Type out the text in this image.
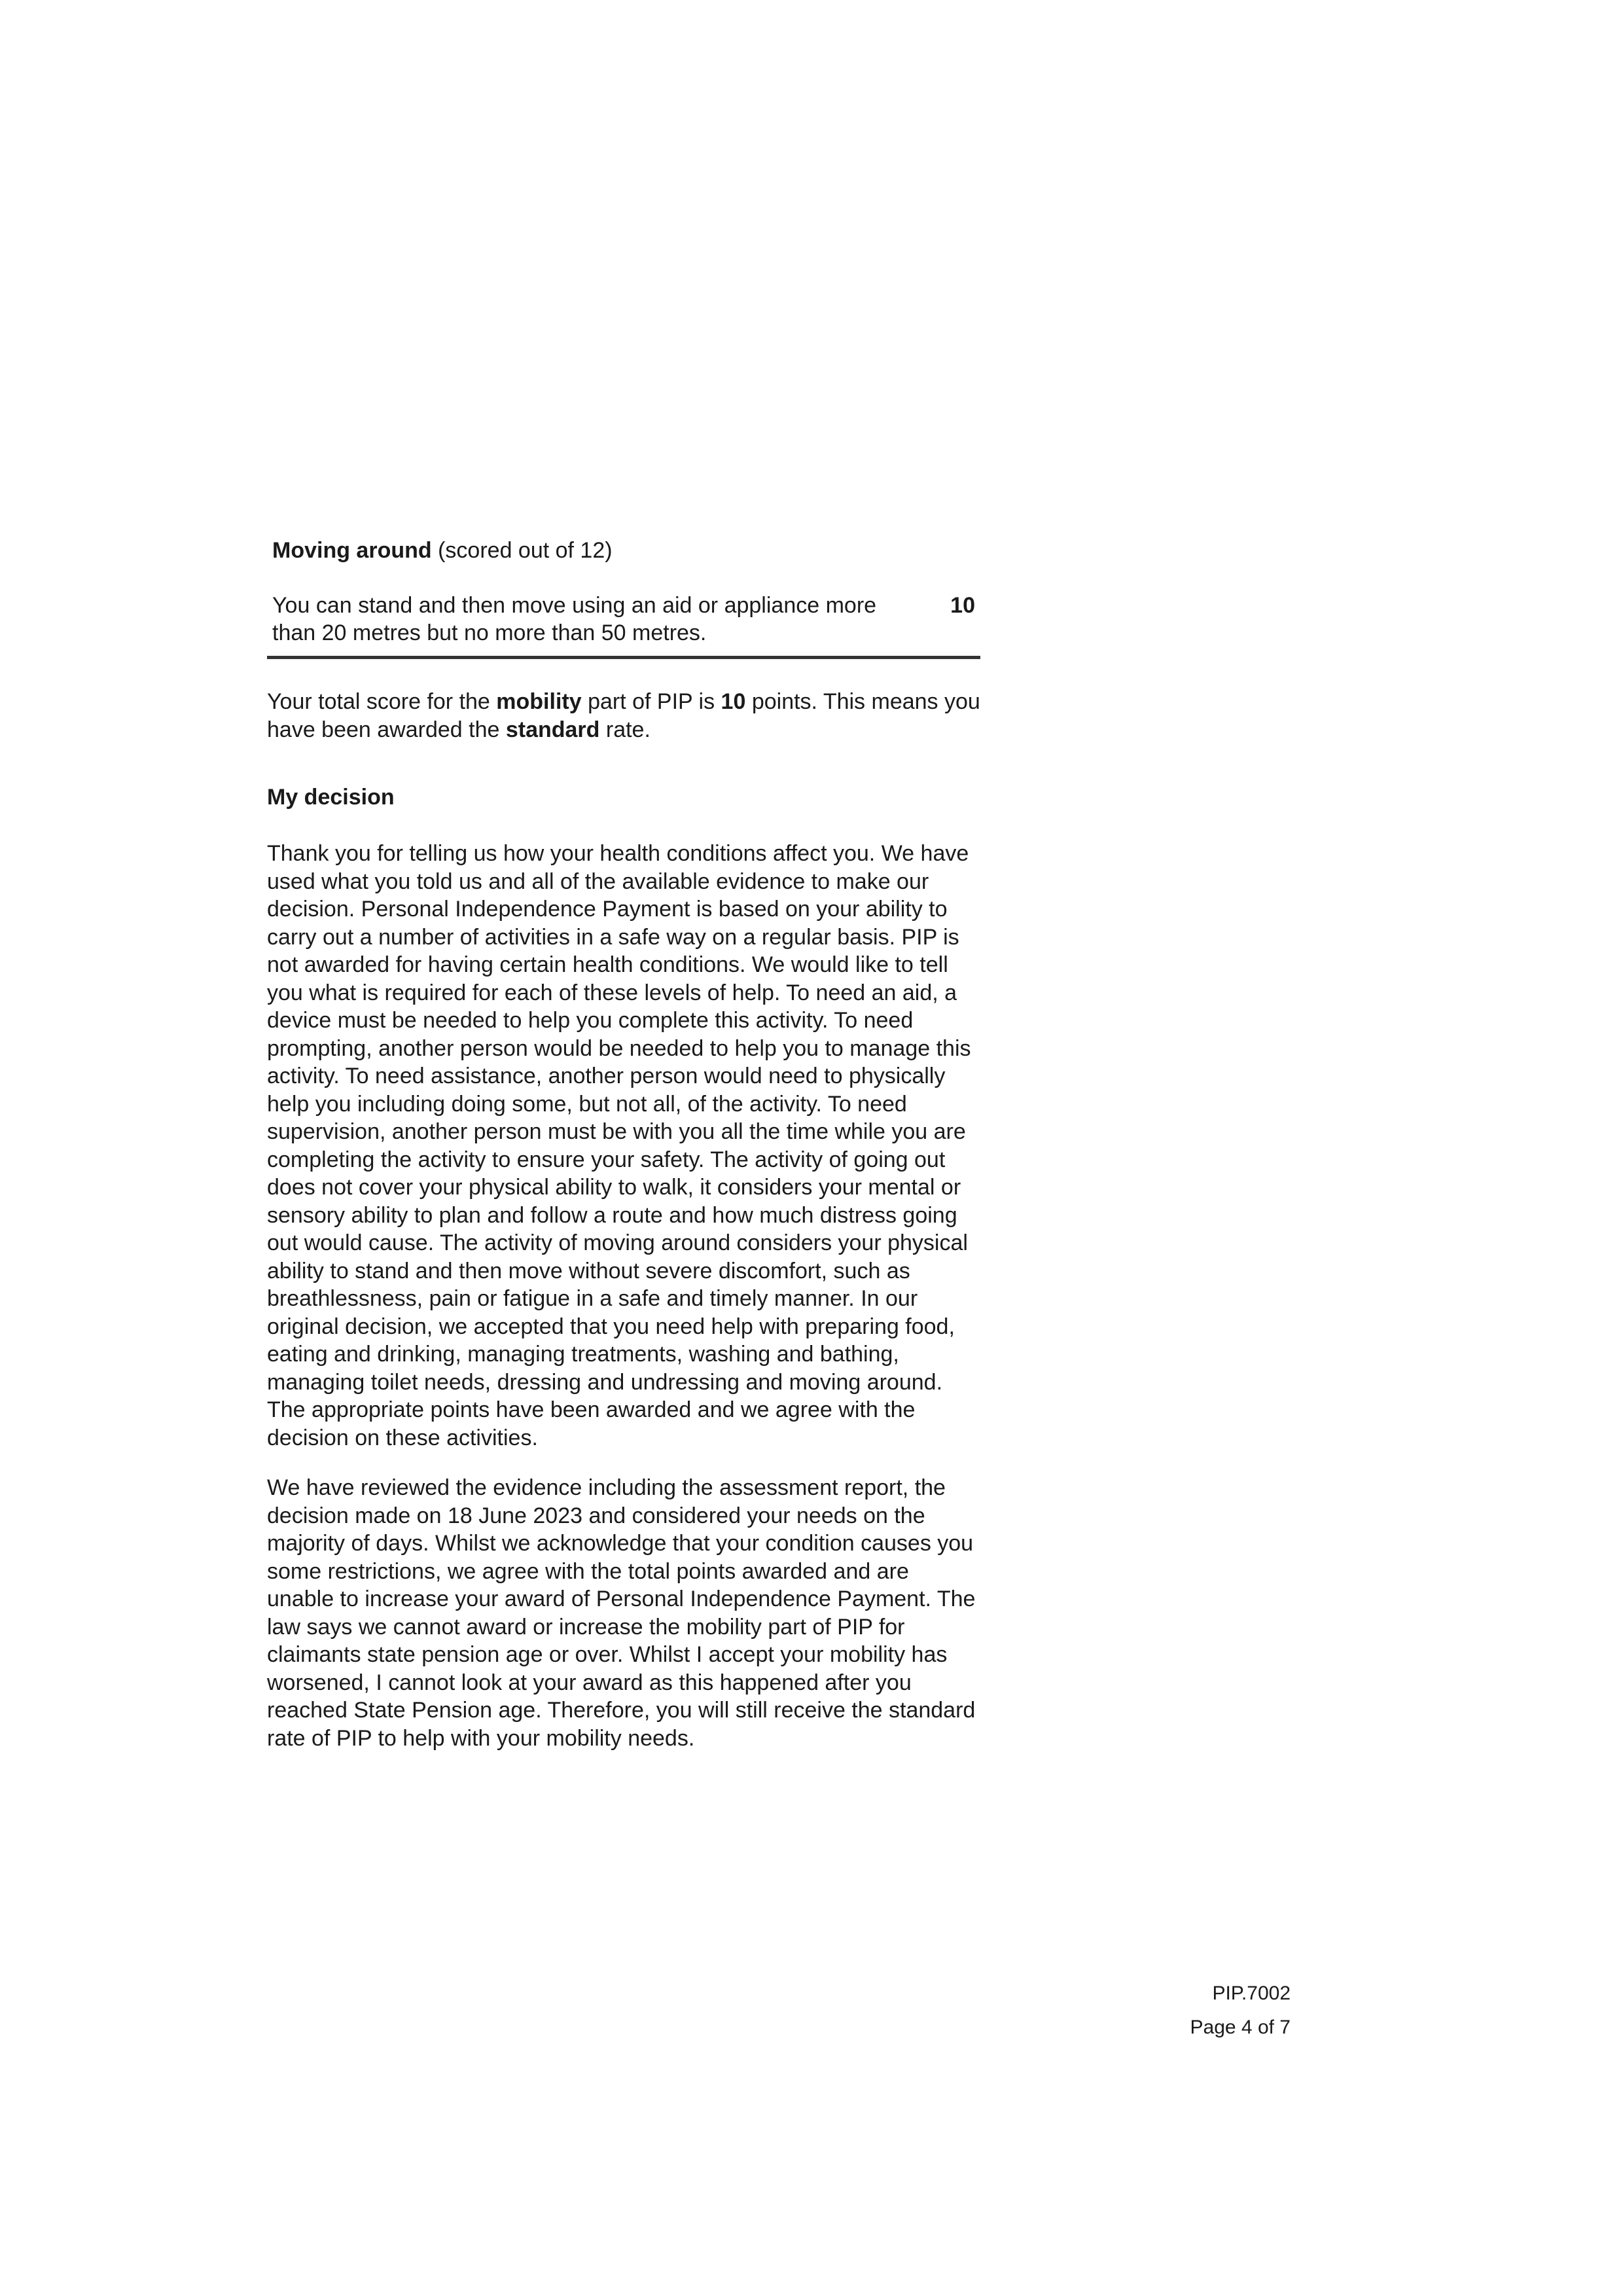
Moving around (scored out of 12)
You can stand and then move using an aid or appliance more than 20 metres but no more than 50 metres.
10
Your total score for the mobility part of PIP is 10 points. This means you have been awarded the standard rate.
My decision

Thank you for telling us how your health conditions affect you. We have used what you told us and all of the available evidence to make our decision. Personal Independence Payment is based on your ability to carry out a number of activities in a safe way on a regular basis. PIP is not awarded for having certain health conditions. We would like to tell you what is required for each of these levels of help. To need an aid, a device must be needed to help you complete this activity. To need prompting, another person would be needed to help you to manage this activity. To need assistance, another person would need to physically help you including doing some, but not all, of the activity. To need supervision, another person must be with you all the time while you are completing the activity to ensure your safety. The activity of going out does not cover your physical ability to walk, it considers your mental or sensory ability to plan and follow a route and how much distress going out would cause. The activity of moving around considers your physical ability to stand and then move without severe discomfort, such as breathlessness, pain or fatigue in a safe and timely manner. In our original decision, we accepted that you need help with preparing food, eating and drinking, managing treatments, washing and bathing, managing toilet needs, dressing and undressing and moving around. The appropriate points have been awarded and we agree with the decision on these activities.

We have reviewed the evidence including the assessment report, the decision made on 18 June 2023 and considered your needs on the majority of days. Whilst we acknowledge that your condition causes you some restrictions, we agree with the total points awarded and are unable to increase your award of Personal Independence Payment. The law says we cannot award or increase the mobility part of PIP for claimants state pension age or over. Whilst I accept your mobility has worsened, I cannot look at your award as this happened after you reached State Pension age. Therefore, you will still receive the standard rate of PIP to help with your mobility needs.

PIP.7002
Page 4 of 7
